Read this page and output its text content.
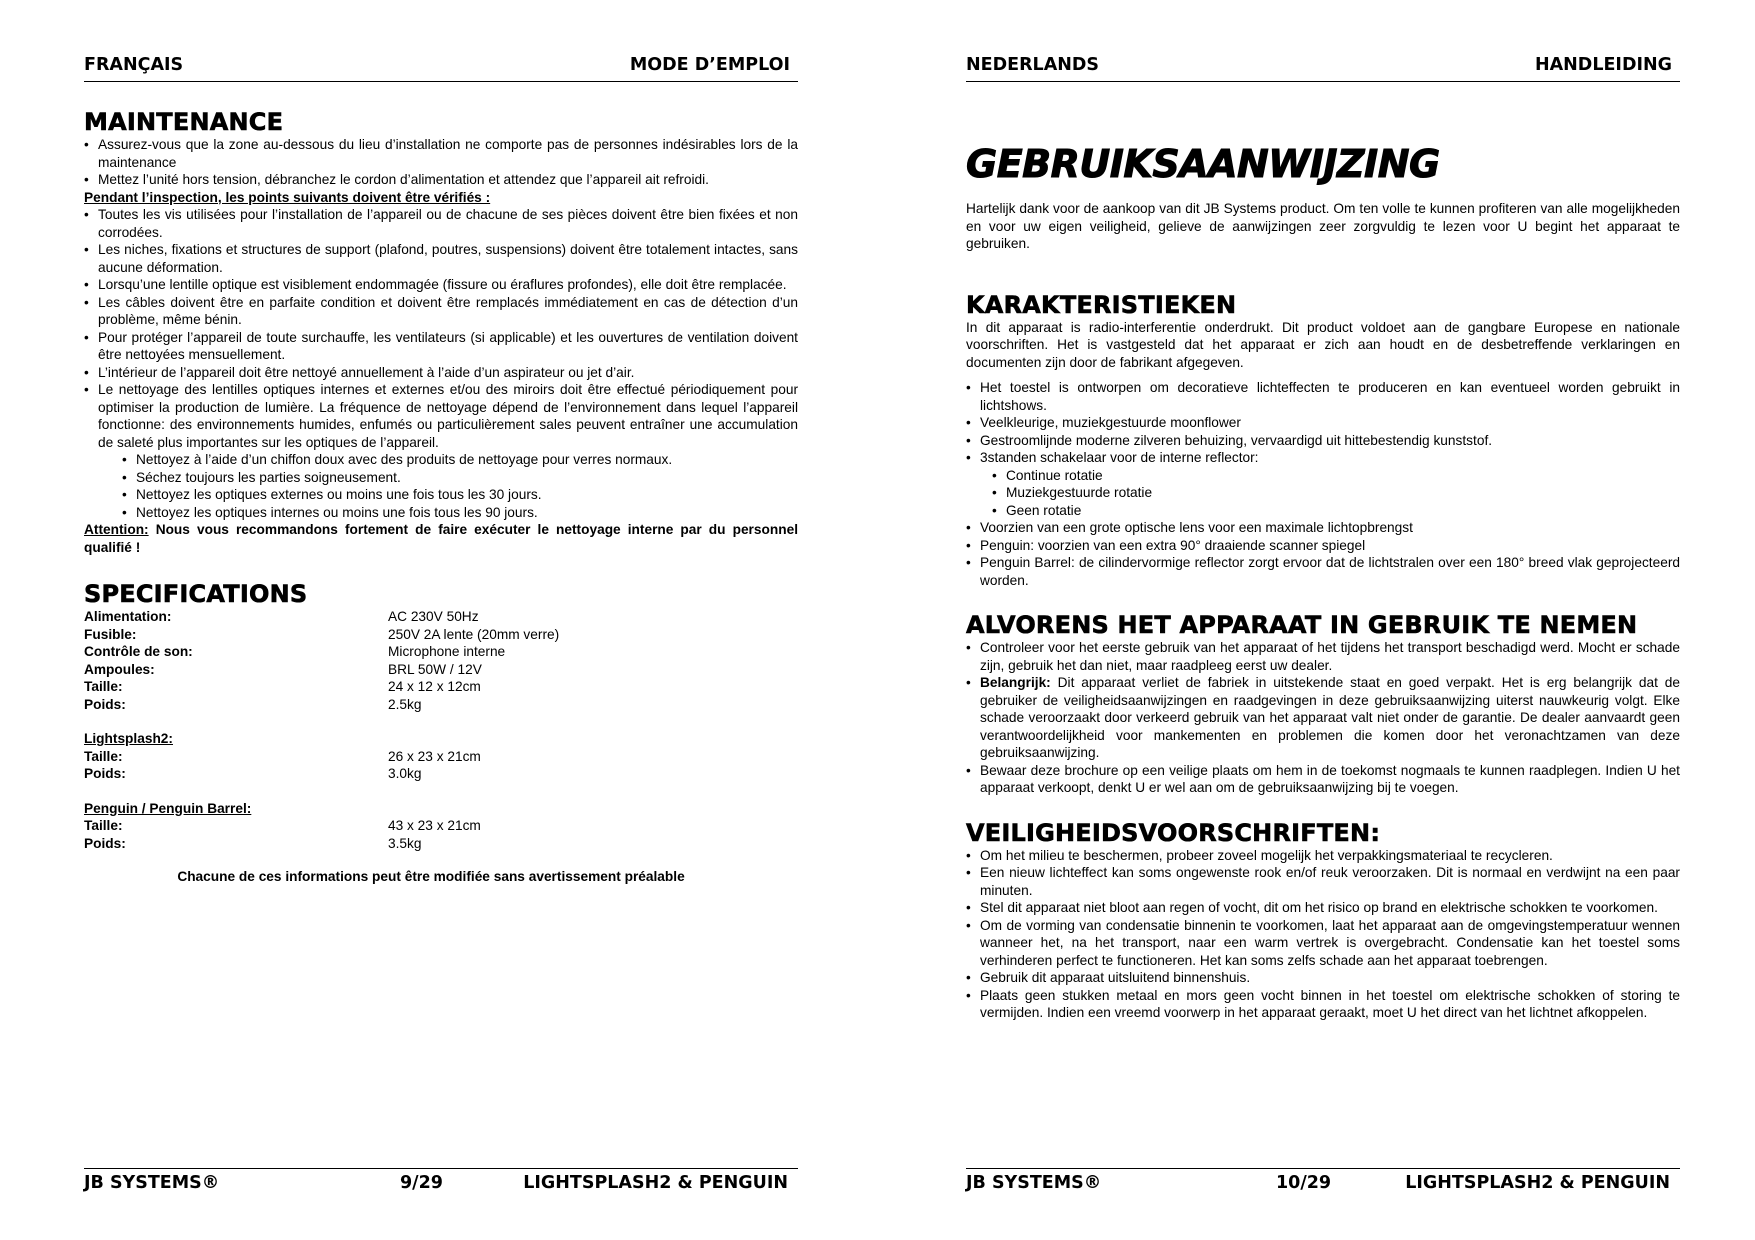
FRANÇAIS	MODE D’EMPLOI
MAINTENANCE
• Assurez-vous que la zone au-dessous du lieu d’installation ne comporte pas de personnes indésirables lors de la maintenance
• Mettez l’unité hors tension, débranchez le cordon d’alimentation et attendez que l’appareil ait refroidi.

Pendant l’inspection, les points suivants doivent être vérifiés :

• Toutes les vis utilisées pour l’installation de l’appareil ou de chacune de ses pièces doivent être bien fixées et non corrodées.
• Les niches, fixations et structures de support (plafond, poutres, suspensions) doivent être totalement intactes, sans aucune déformation.
• Lorsqu’une lentille optique est visiblement endommagée (fissure ou éraflures profondes), elle doit être remplacée.
• Les câbles doivent être en parfaite condition et doivent être remplacés immédiatement en cas de détection d’un problème, même bénin.
• Pour protéger l’appareil de toute surchauffe, les ventilateurs (si applicable) et les ouvertures de ventilation doivent être nettoyées mensuellement.
• L’intérieur de l’appareil doit être nettoyé annuellement à l’aide d’un aspirateur ou jet d’air.
• Le nettoyage des lentilles optiques internes et externes et/ou des miroirs doit être effectué périodiquement pour optimiser la production de lumière. La fréquence de nettoyage dépend de l’environnement dans lequel l’appareil fonctionne: des environnements humides, enfumés ou particulièrement sales peuvent entraîner une accumulation de saleté plus importantes sur les optiques de l’appareil.
• Nettoyez à l’aide d’un chiffon doux avec des produits de nettoyage pour verres normaux.
• Séchez toujours les parties soigneusement.
• Nettoyez les optiques externes ou moins une fois tous les 30 jours.
• Nettoyez les optiques internes ou moins une fois tous les 90 jours.

Attention: Nous vous recommandons fortement de faire exécuter le nettoyage interne par du personnel qualifié !

SPECIFICATIONS
Alimentation:	AC 230V 50Hz
Fusible:	250V 2A lente (20mm verre)
Contrôle de son:	Microphone interne
Ampoules:	BRL 50W / 12V
Taille:	24 x 12 x 12cm
Poids:	2.5kg

Lightsplash2:

Taille:	26 x 23 x 21cm
Poids:	3.0kg

Penguin / Penguin Barrel:

Taille:	43 x 23 x 21cm
Poids:	3.5kg

Chacune de ces informations peut être modifiée sans avertissement préalable

JB SYSTEMS®	9/29	LIGHTSPLASH2 & PENGUIN
NEDERLANDS	HANDLEIDING
GEBRUIKSAANWIJZING

Hartelijk dank voor de aankoop van dit JB Systems product. Om ten volle te kunnen profiteren van alle mogelijkheden en voor uw eigen veiligheid, gelieve de aanwijzingen zeer zorgvuldig te lezen voor U begint het apparaat te gebruiken.

KARAKTERISTIEKEN

In dit apparaat is radio-interferentie onderdrukt. Dit product voldoet aan de gangbare Europese en nationale voorschriften. Het is vastgesteld dat het apparaat er zich aan houdt en de desbetreffende verklaringen en documenten zijn door de fabrikant afgegeven.

• Het toestel is ontworpen om decoratieve lichteffecten te produceren en kan eventueel worden gebruikt in lichtshows.
• Veelkleurige, muziekgestuurde moonflower
• Gestroomlijnde moderne zilveren behuizing, vervaardigd uit hittebestendig kunststof.
• 3standen schakelaar voor de interne reflector:
• Continue rotatie
• Muziekgestuurde rotatie
• Geen rotatie
• Voorzien van een grote optische lens voor een maximale lichtopbrengst
• Penguin: voorzien van een extra 90° draaiende scanner spiegel
• Penguin Barrel: de cilindervormige reflector zorgt ervoor dat de lichtstralen over een 180° breed vlak geprojecteerd worden.
ALVORENS HET APPARAAT IN GEBRUIK TE NEMEN
• Controleer voor het eerste gebruik van het apparaat of het tijdens het transport beschadigd werd. Mocht er schade zijn, gebruik het dan niet, maar raadpleeg eerst uw dealer.
• Belangrijk: Dit apparaat verliet de fabriek in uitstekende staat en goed verpakt. Het is erg belangrijk dat de gebruiker de veiligheidsaanwijzingen en raadgevingen in deze gebruiksaanwijzing uiterst nauwkeurig volgt. Elke schade veroorzaakt door verkeerd gebruik van het apparaat valt niet onder de garantie. De dealer aanvaardt geen verantwoordelijkheid voor mankementen en problemen die komen door het veronachtzamen van deze gebruiksaanwijzing.
• Bewaar deze brochure op een veilige plaats om hem in de toekomst nogmaals te kunnen raadplegen. Indien U het apparaat verkoopt, denkt U er wel aan om de gebruiksaanwijzing bij te voegen.
VEILIGHEIDSVOORSCHRIFTEN:
• Om het milieu te beschermen, probeer zoveel mogelijk het verpakkingsmateriaal te recycleren.
• Een nieuw lichteffect kan soms ongewenste rook en/of reuk veroorzaken. Dit is normaal en verdwijnt na een paar minuten.
• Stel dit apparaat niet bloot aan regen of vocht, dit om het risico op brand en elektrische schokken te voorkomen.
• Om de vorming van condensatie binnenin te voorkomen, laat het apparaat aan de omgevingstemperatuur wennen wanneer het, na het transport, naar een warm vertrek is overgebracht. Condensatie kan het toestel soms verhinderen perfect te functioneren. Het kan soms zelfs schade aan het apparaat toebrengen.
• Gebruik dit apparaat uitsluitend binnenshuis.
• Plaats geen stukken metaal en mors geen vocht binnen in het toestel om elektrische schokken of storing te vermijden. Indien een vreemd voorwerp in het apparaat geraakt, moet U het direct van het lichtnet afkoppelen.
JB SYSTEMS®	10/29	LIGHTSPLASH2 & PENGUIN
